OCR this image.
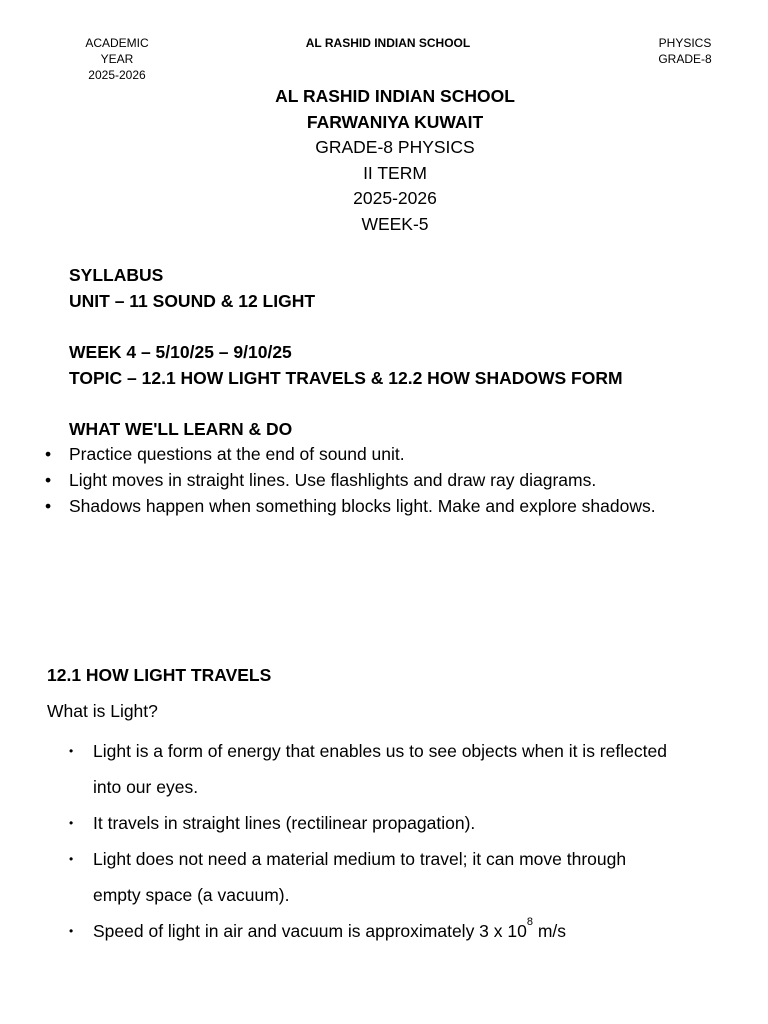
ACADEMIC YEAR
2025-2026
AL RASHID INDIAN SCHOOL	PHYSICS
GRADE-8
AL RASHID INDIAN SCHOOL
FARWANIYA KUWAIT
GRADE-8 PHYSICS
II TERM
2025-2026
WEEK-5
SYLLABUS
UNIT – 11 SOUND & 12 LIGHT
WEEK 4 – 5/10/25 – 9/10/25
TOPIC – 12.1 HOW LIGHT TRAVELS & 12.2 HOW SHADOWS FORM
WHAT WE'LL LEARN & DO
• Practice questions at the end of sound unit.
• Light moves in straight lines. Use flashlights and draw ray diagrams.
• Shadows happen when something blocks light. Make and explore shadows.
12.1 HOW LIGHT TRAVELS
What is Light?
• Light is a form of energy that enables us to see objects when it is reflected
into our eyes.
• It travels in straight lines (rectilinear propagation).
• Light does not need a material medium to travel; it can move through
empty space (a vacuum).
• Speed of light in air and vacuum is approximately 3 x $10^8$ m/s
